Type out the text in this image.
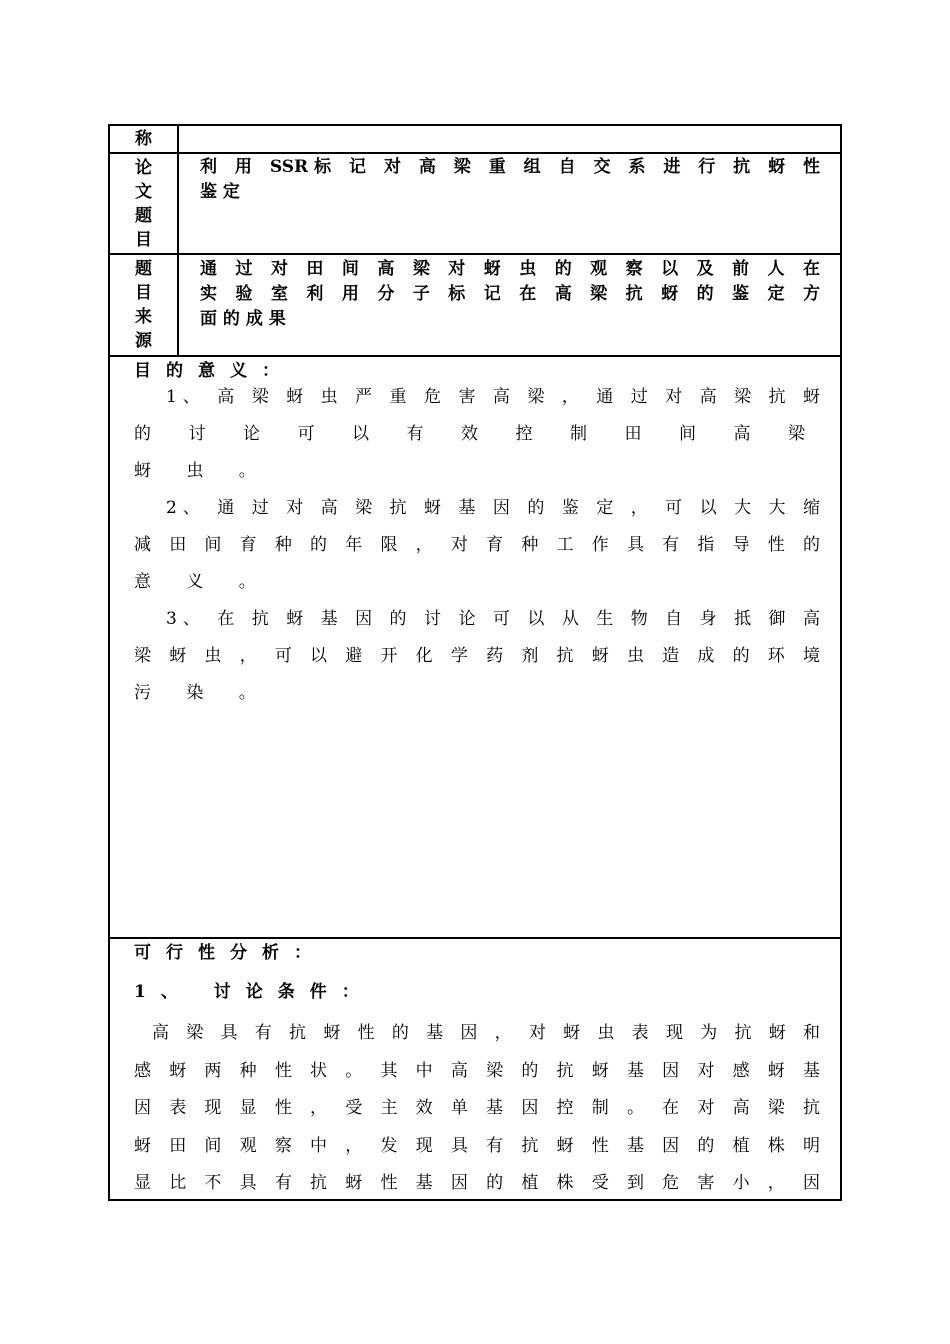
称
论
文
题
目
利 用 SSR标 记 对 高 梁 重 组 自 交 系 进 行 抗 蚜 性
鉴 定
题
目
来
源
通 过 对 田 间 高 梁 对 蚜 虫 的 观 察 以 及 前 人 在
实 验 室 利 用 分 子 标 记 在 高 梁 抗 蚜 的 鉴 定 方
面 的 成 果
目的意义：
1、 高 梁 蚜 虫 严 重 危 害 高 梁 ， 通 过 对 高 梁 抗 蚜
的 讨 论 可 以 有 效 控 制 田 间 高 梁 蚜 虫 。
2、 通 过 对 高 梁 抗 蚜 基 因 的 鉴 定 ， 可 以 大 大 缩
减 田 间 育 种 的 年 限 ， 对 育 种 工 作 具 有 指 导 性 的
意 义 。
3、 在 抗 蚜 基 因 的 讨 论 可 以 从 生 物 自 身 抵 御 高
梁 蚜 虫 ， 可 以 避 开 化 学 药 剂 抗 蚜 虫 造 成 的 环 境
污 染 。
可行性分析：
1、 讨论条件：
高 梁 具 有 抗 蚜 性 的 基 因 ， 对 蚜 虫 表 现 为 抗 蚜 和
感 蚜 两 种 性 状 。 其 中 高 梁 的 抗 蚜 基 因 对 感 蚜 基
因 表 现 显 性 ， 受 主 效 单 基 因 控 制 。 在 对 高 梁 抗
蚜 田 间 观 察 中 ， 发 现 具 有 抗 蚜 性 基 因 的 植 株 明
显 比 不 具 有 抗 蚜 性 基 因 的 植 株 受 到 危 害 小 ， 因
